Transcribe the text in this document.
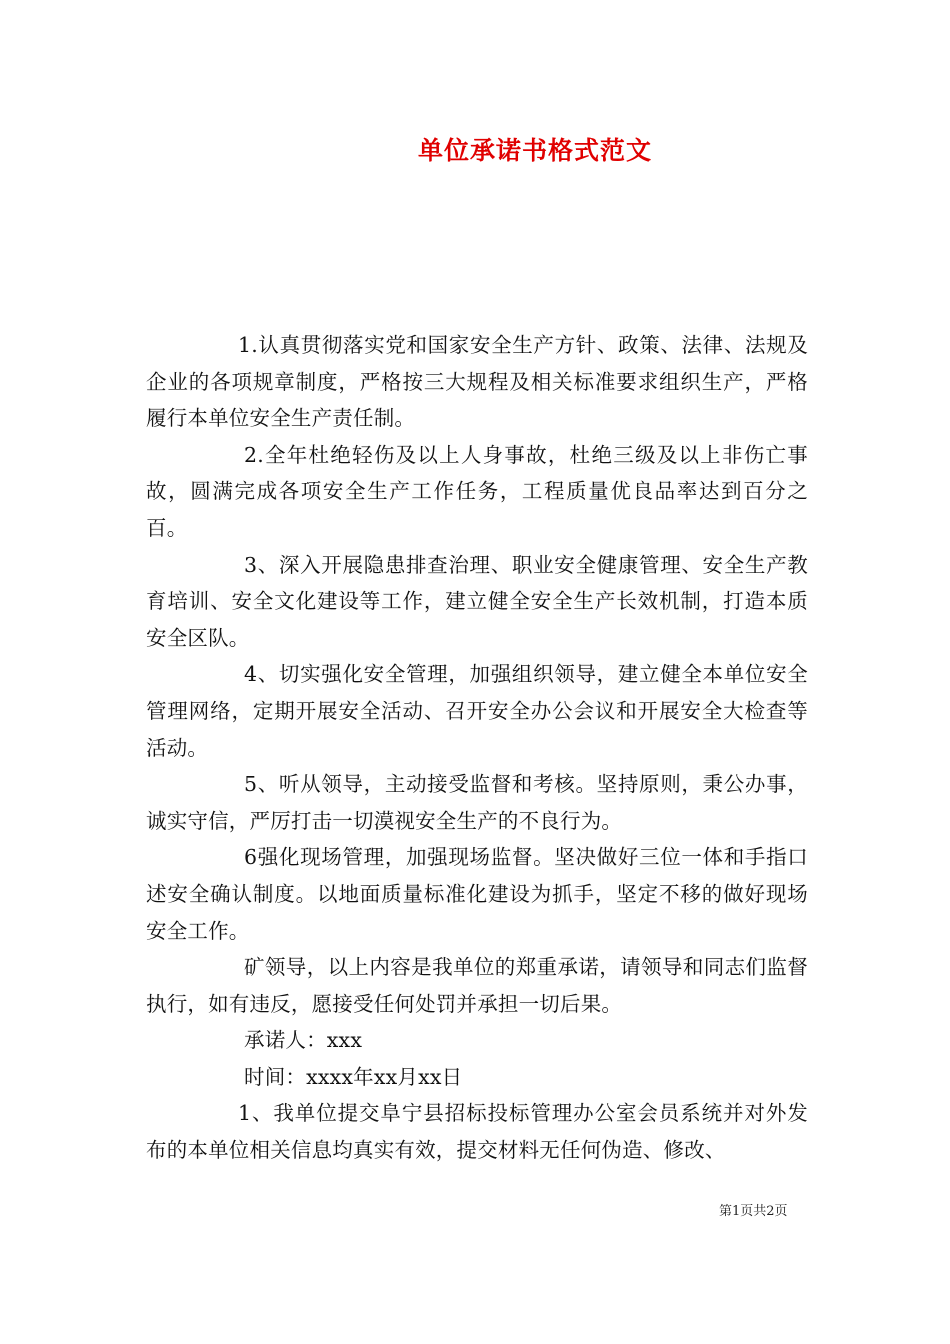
单位承诺书格式范文

1.认真贯彻落实党和国家安全生产方针、政策、法律、法规及企业的各项规章制度，严格按三大规程及相关标准要求组织生产，严格履行本单位安全生产责任制。

2.全年杜绝轻伤及以上人身事故，杜绝三级及以上非伤亡事故，圆满完成各项安全生产工作任务，工程质量优良品率达到百分之百。

3、深入开展隐患排查治理、职业安全健康管理、安全生产教育培训、安全文化建设等工作，建立健全安全生产长效机制，打造本质安全区队。

4、切实强化安全管理，加强组织领导，建立健全本单位安全管理网络，定期开展安全活动、召开安全办公会议和开展安全大检查等活动。

5、听从领导，主动接受监督和考核。坚持原则，秉公办事，诚实守信，严厉打击一切漠视安全生产的不良行为。

6强化现场管理，加强现场监督。坚决做好三位一体和手指口述安全确认制度。以地面质量标准化建设为抓手，坚定不移的做好现场安全工作。

矿领导，以上内容是我单位的郑重承诺，请领导和同志们监督执行，如有违反，愿接受任何处罚并承担一切后果。

承诺人：xxx

时间：xxxx年xx月xx日

1、我单位提交阜宁县招标投标管理办公室会员系统并对外发布的本单位相关信息均真实有效，提交材料无任何伪造、修改、

第1页共2页
